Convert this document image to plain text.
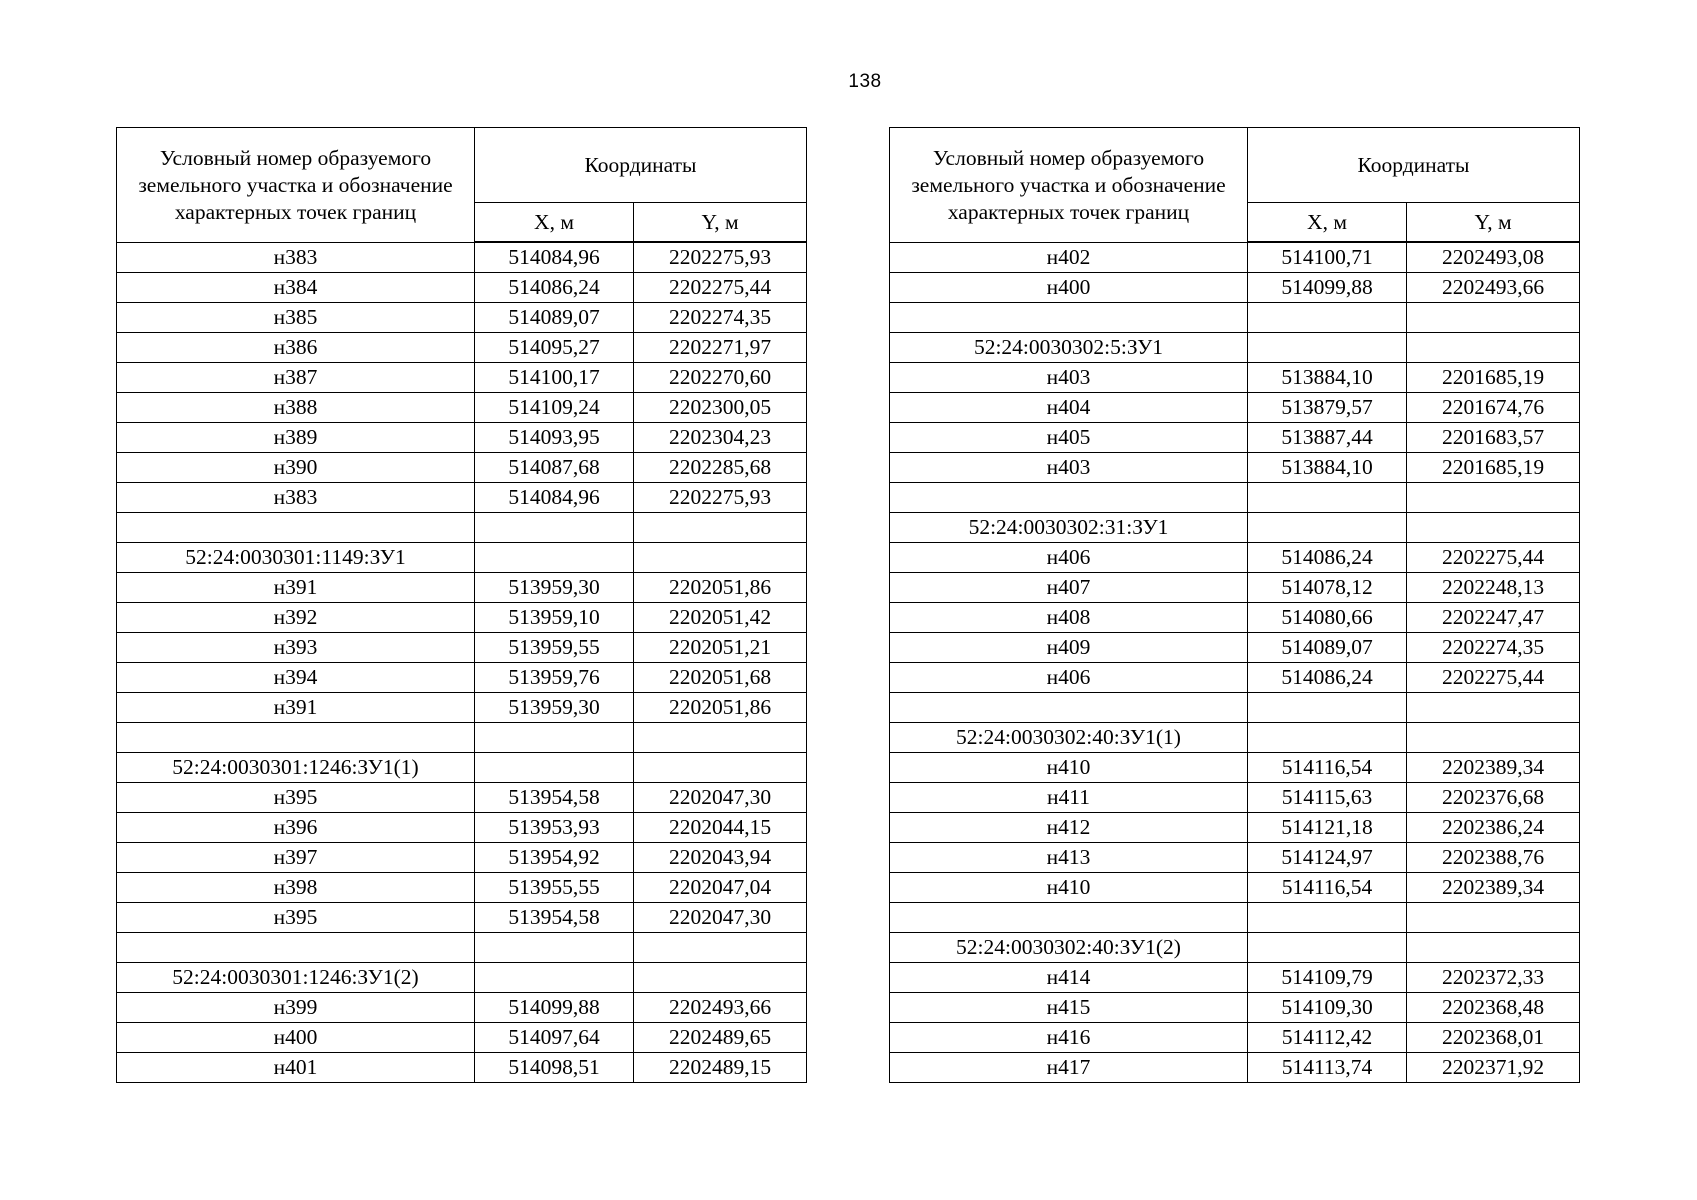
138
Условный номер образуемого земельного участка и обозначение характерных точек границ	Координаты	
	X, м	Y, м
н383	514084,96	2202275,93
н384	514086,24	2202275,44
н385	514089,07	2202274,35
н386	514095,27	2202271,97
н387	514100,17	2202270,60
н388	514109,24	2202300,05
н389	514093,95	2202304,23
н390	514087,68	2202285,68
н383	514084,96	2202275,93

52:24:0030301:1149:ЗУ1		
н391	513959,30	2202051,86
н392	513959,10	2202051,42
н393	513959,55	2202051,21
н394	513959,76	2202051,68
н391	513959,30	2202051,86

52:24:0030301:1246:ЗУ1(1)		
н395	513954,58	2202047,30
н396	513953,93	2202044,15
н397	513954,92	2202043,94
н398	513955,55	2202047,04
н395	513954,58	2202047,30

52:24:0030301:1246:ЗУ1(2)		
н399	514099,88	2202493,66
н400	514097,64	2202489,65
н401	514098,51	2202489,15
Условный номер образуемого земельного участка и обозначение характерных точек границ	Координаты	
	X, м	Y, м
н402	514100,71	2202493,08
н400	514099,88	2202493,66

52:24:0030302:5:ЗУ1		
н403	513884,10	2201685,19
н404	513879,57	2201674,76
н405	513887,44	2201683,57
н403	513884,10	2201685,19

52:24:0030302:31:ЗУ1		
н406	514086,24	2202275,44
н407	514078,12	2202248,13
н408	514080,66	2202247,47
н409	514089,07	2202274,35
н406	514086,24	2202275,44

52:24:0030302:40:ЗУ1(1)		
н410	514116,54	2202389,34
н411	514115,63	2202376,68
н412	514121,18	2202386,24
н413	514124,97	2202388,76
н410	514116,54	2202389,34

52:24:0030302:40:ЗУ1(2)		
н414	514109,79	2202372,33
н415	514109,30	2202368,48
н416	514112,42	2202368,01
н417	514113,74	2202371,92
